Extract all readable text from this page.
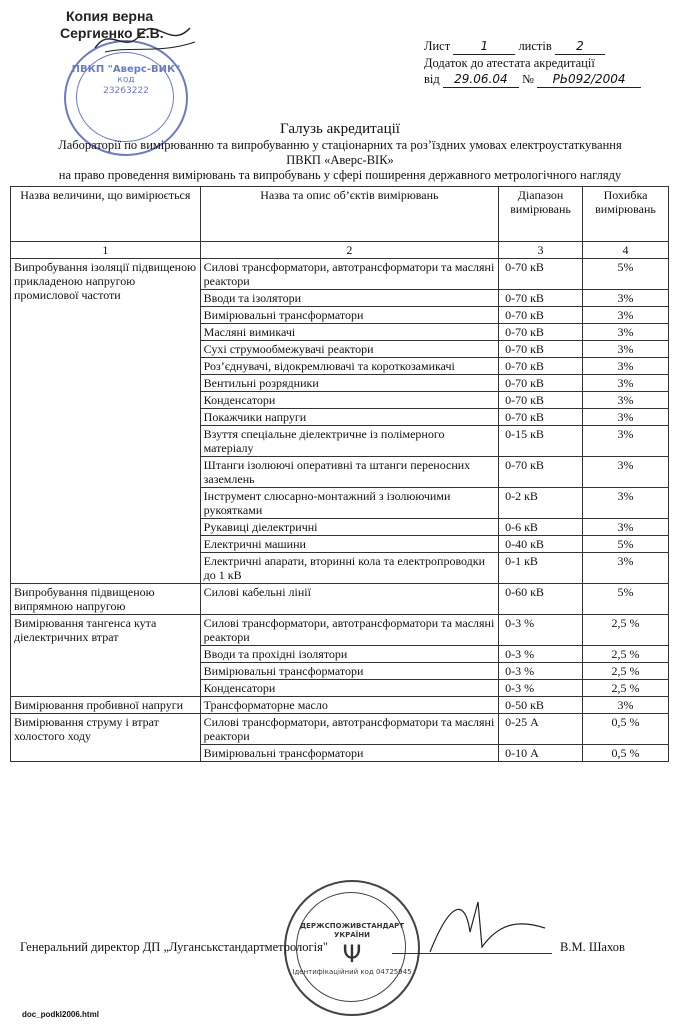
Копия верна
Сергиенко Е.В.
ПВКП "Аверс-ВИК"
код
23263222
Лист	1 листів 2
Додаток до атестата акредитації
від 29.06.04 № РЬ092/2004
Галузь акредитації
Лабораторії по вимірюванню та випробуванню у стаціонарних та роз’їздних умовах електроустаткування
ПВКП «Аверс-ВІК»
на право проведення вимірювань та випробувань у сфері поширення державного метрологічного нагляду
Назва величини, що вимірюється	Назва та опис об’єктів вимірювань	Діапазон вимірювань	Похибка вимірювань
1	2	3	4
Випробування ізоляції підвищеною прикладеною напругою промислової частоти	Силові трансформатори, автотрансформатори та масляні реактори	0-70 кВ	5%
	Вводи та ізолятори	0-70 кВ	3%
	Вимірювальні трансформатори	0-70 кВ	3%
	Масляні вимикачі	0-70 кВ	3%
	Сухі струмообмежувачі реактори	0-70 кВ	3%
	Роз’єднувачі, відокремлювачі та короткозамикачі	0-70 кВ	3%
	Вентильні розрядники	0-70 кВ	3%
	Конденсатори	0-70 кВ	3%
	Покажчики напруги	0-70 кВ	3%
	Взуття спеціальне діелектричне із полімерного матеріалу	0-15 кВ	3%
	Штанги ізолюючі оперативні та штанги переносних заземлень	0-70 кВ	3%
	Інструмент слюсарно-монтажний з ізолюючими рукоятками	0-2 кВ	3%
	Рукавиці діелектричні	0-6 кВ	3%
	Електричні машини	0-40 кВ	5%
	Електричні апарати, вторинні кола та електропроводки до 1 кВ	0-1 кВ	3%
Випробування підвищеною випрямною напругою	Силові кабельні лінії	0-60 кВ	5%
Вимірювання тангенса кута діелектричних втрат	Силові трансформатори, автотрансформатори та масляні реактори	0-3 %	2,5 %
	Вводи та прохідні ізолятори	0-3 %	2,5 %
	Вимірювальні трансформатори	0-3 %	2,5 %
	Конденсатори	0-3 %	2,5 %
Вимірювання пробивної напруги	Трансформаторне масло	0-50 кВ	3%
Вимірювання струму і втрат холостого ходу	Силові трансформатори, автотрансформатори та масляні реактори	0-25 А	0,5 %
	Вимірювальні трансформатори	0-10 А	0,5 %
Генеральний директор ДП „Луганськстандартметрологія"	В.М. Шахов
ДЕРЖСПОЖИВСТАНДАРТ УКРАЇНИ
Ψ
Ідентифікаційний код 04725945
doc_podkl2006.html
